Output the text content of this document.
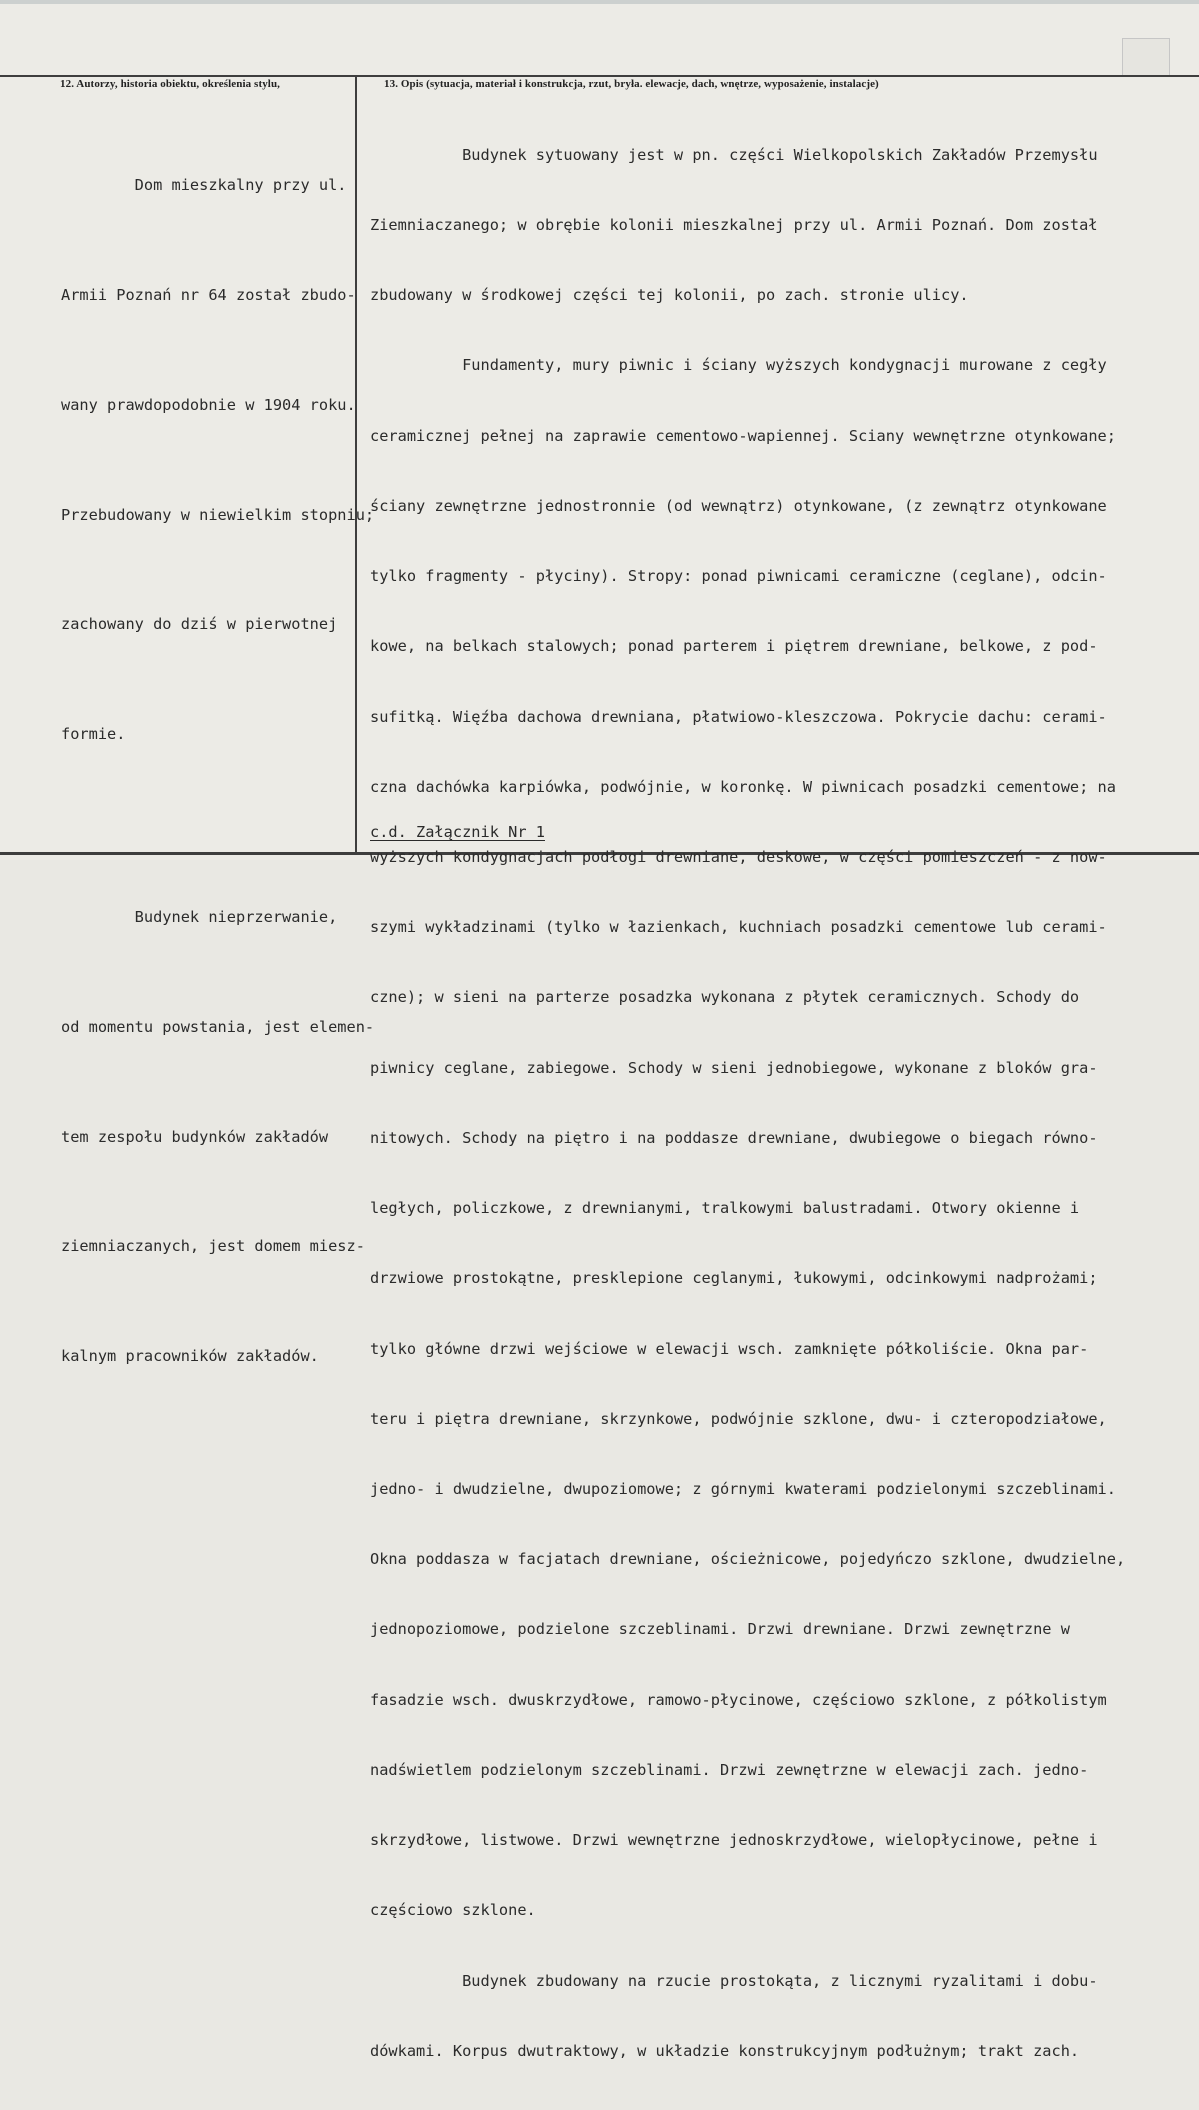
12. Autorzy, historia obiektu, określenia stylu,	13. Opis (sytuacja, materiał i konstrukcja, rzut, bryła. elewacje, dach, wnętrze, wyposażenie, instalacje)

Dom mieszkalny przy ul.

Armii Poznań nr 64 został zbudo-

wany prawdopodobnie w 1904 roku.

Przebudowany w niewielkim stopniu;

zachowany do dziś w pierwotnej

formie.

Budynek nieprzerwanie,

od momentu powstania, jest elemen-

tem zespołu budynków zakładów

ziemniaczanych, jest domem miesz-

kalnym pracowników zakładów.

Budynek sytuowany jest w pn. części Wielkopolskich Zakładów Przemysłu

Ziemniaczanego; w obrębie kolonii mieszkalnej przy ul. Armii Poznań. Dom został

zbudowany w środkowej części tej kolonii, po zach. stronie ulicy.

Fundamenty, mury piwnic i ściany wyższych kondygnacji murowane z cegły

ceramicznej pełnej na zaprawie cementowo-wapiennej. Sciany wewnętrzne otynkowane;

ściany zewnętrzne jednostronnie (od wewnątrz) otynkowane, (z zewnątrz otynkowane

tylko fragmenty - płyciny). Stropy: ponad piwnicami ceramiczne (ceglane), odcin-

kowe, na belkach stalowych; ponad parterem i piętrem drewniane, belkowe, z pod-

sufitką. Więźba dachowa drewniana, płatwiowo-kleszczowa. Pokrycie dachu: cerami-

czna dachówka karpiówka, podwójnie, w koronkę. W piwnicach posadzki cementowe; na

wyższych kondygnacjach podłogi drewniane, deskowe, w części pomieszczeń - z now-

szymi wykładzinami (tylko w łazienkach, kuchniach posadzki cementowe lub cerami-

czne); w sieni na parterze posadzka wykonana z płytek ceramicznych. Schody do

piwnicy ceglane, zabiegowe. Schody w sieni jednobiegowe, wykonane z bloków gra-

nitowych. Schody na piętro i na poddasze drewniane, dwubiegowe o biegach równo-

ległych, policzkowe, z drewnianymi, tralkowymi balustradami. Otwory okienne i

drzwiowe prostokątne, presklepione ceglanymi, łukowymi, odcinkowymi nadprożami;

tylko główne drzwi wejściowe w elewacji wsch. zamknięte półkoliście. Okna par-

teru i piętra drewniane, skrzynkowe, podwójnie szklone, dwu- i czteropodziałowe,

jedno- i dwudzielne, dwupoziomowe; z górnymi kwaterami podzielonymi szczeblinami.

Okna poddasza w facjatach drewniane, ościeżnicowe, pojedyńczo szklone, dwudzielne,

jednopoziomowe, podzielone szczeblinami. Drzwi drewniane. Drzwi zewnętrzne w

fasadzie wsch. dwuskrzydłowe, ramowo-płycinowe, częściowo szklone, z półkolistym

nadświetlem podzielonym szczeblinami. Drzwi zewnętrzne w elewacji zach. jedno-

skrzydłowe, listwowe. Drzwi wewnętrzne jednoskrzydłowe, wielopłycinowe, pełne i

częściowo szklone.

Budynek zbudowany na rzucie prostokąta, z licznymi ryzalitami i dobu-

dówkami. Korpus dwutraktowy, w układzie konstrukcyjnym podłużnym; trakt zach.

c.d. Załącznik Nr 1
